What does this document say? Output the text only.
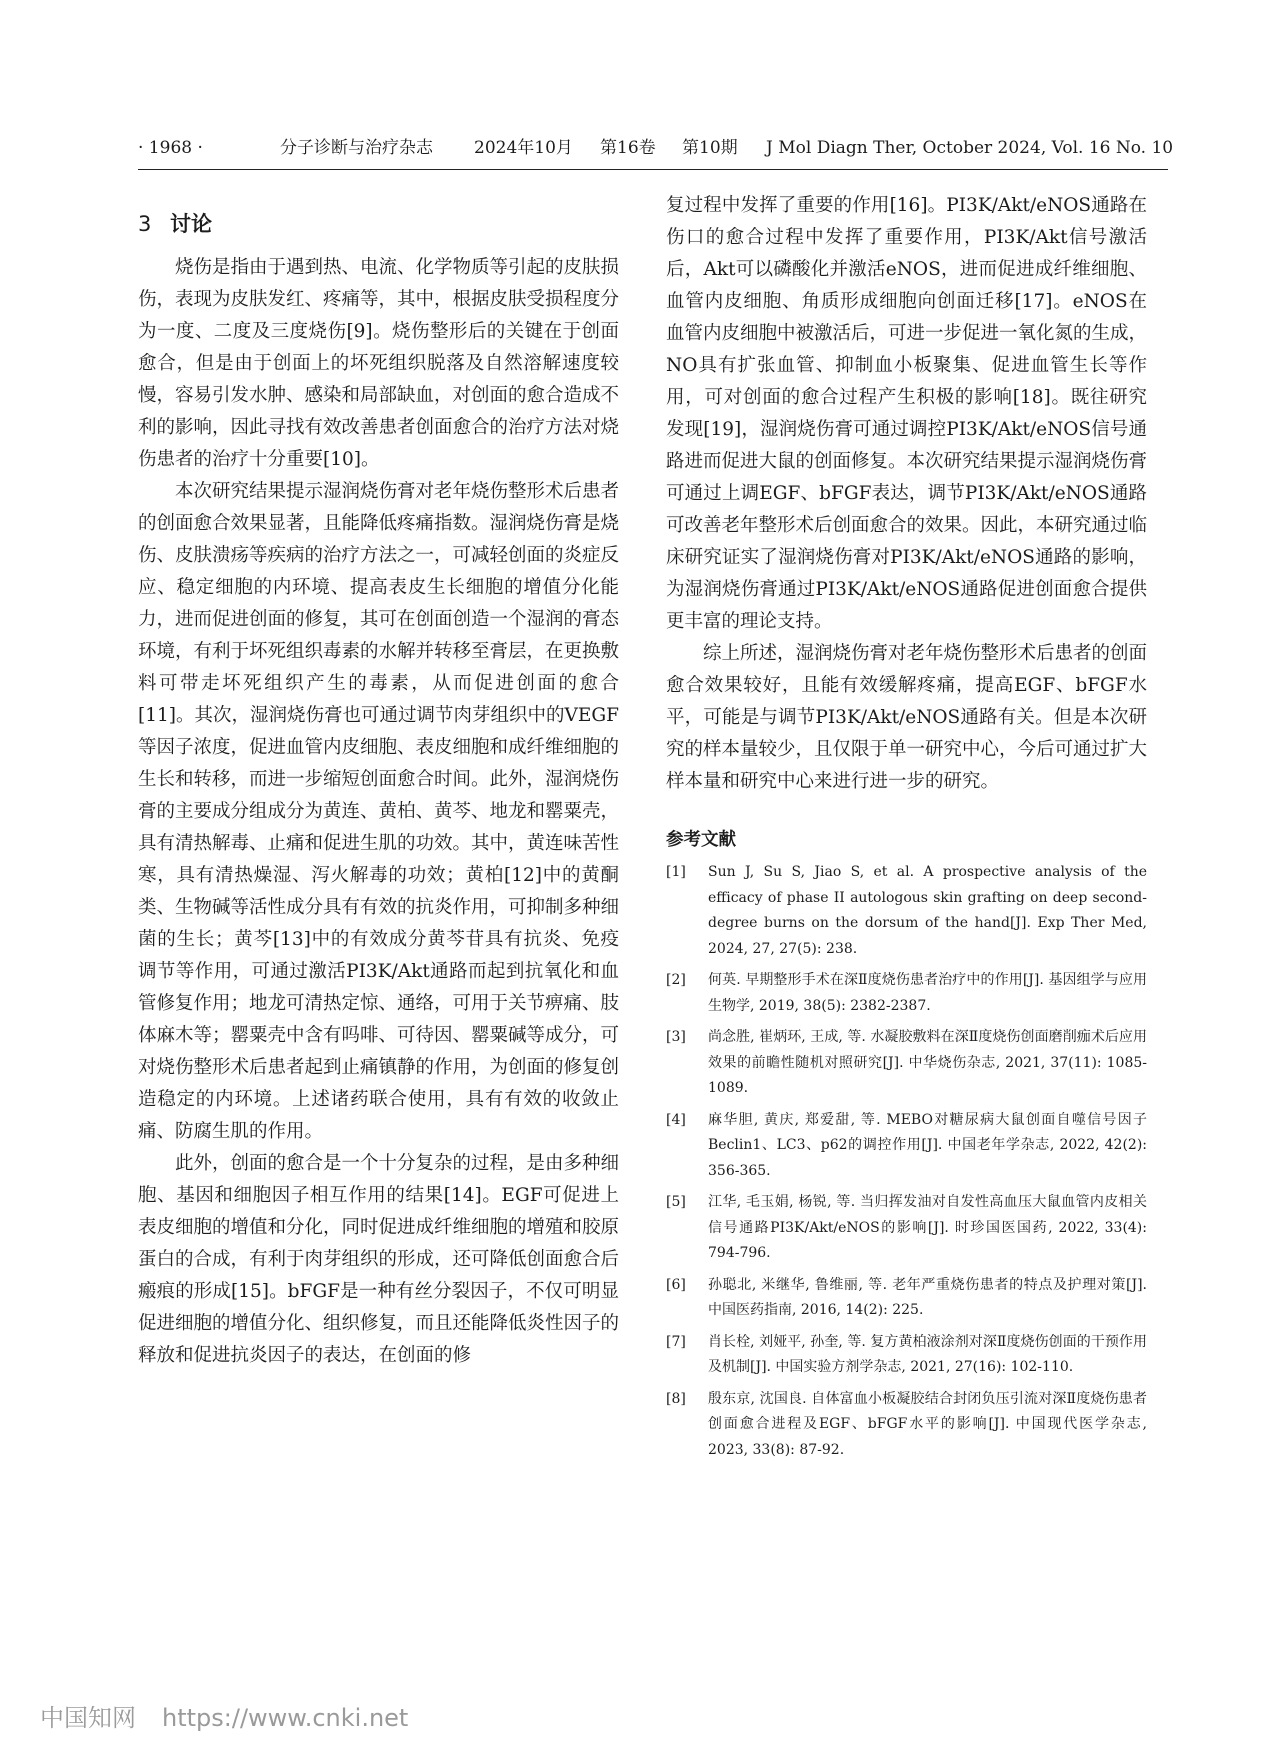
· 1968 ·	分子诊断与治疗杂志 2024年10月 第16卷 第10期 J Mol Diagn Ther, October 2024, Vol. 16 No. 10
3 讨论

烧伤是指由于遇到热、电流、化学物质等引起的皮肤损伤，表现为皮肤发红、疼痛等，其中，根据皮肤受损程度分为一度、二度及三度烧伤[9]。烧伤整形后的关键在于创面愈合，但是由于创面上的坏死组织脱落及自然溶解速度较慢，容易引发水肿、感染和局部缺血，对创面的愈合造成不利的影响，因此寻找有效改善患者创面愈合的治疗方法对烧伤患者的治疗十分重要[10]。

本次研究结果提示湿润烧伤膏对老年烧伤整形术后患者的创面愈合效果显著，且能降低疼痛指数。湿润烧伤膏是烧伤、皮肤溃疡等疾病的治疗方法之一，可减轻创面的炎症反应、稳定细胞的内环境、提高表皮生长细胞的增值分化能力，进而促进创面的修复，其可在创面创造一个湿润的膏态环境，有利于坏死组织毒素的水解并转移至膏层，在更换敷料可带走坏死组织产生的毒素，从而促进创面的愈合[11]。其次，湿润烧伤膏也可通过调节肉芽组织中的VEGF等因子浓度，促进血管内皮细胞、表皮细胞和成纤维细胞的生长和转移，而进一步缩短创面愈合时间。此外，湿润烧伤膏的主要成分组成分为黄连、黄柏、黄芩、地龙和罂粟壳，具有清热解毒、止痛和促进生肌的功效。其中，黄连味苦性寒，具有清热燥湿、泻火解毒的功效；黄柏[12]中的黄酮类、生物碱等活性成分具有有效的抗炎作用，可抑制多种细菌的生长；黄芩[13]中的有效成分黄芩苷具有抗炎、免疫调节等作用，可通过激活PI3K/Akt通路而起到抗氧化和血管修复作用；地龙可清热定惊、通络，可用于关节痹痛、肢体麻木等；罂粟壳中含有吗啡、可待因、罂粟碱等成分，可对烧伤整形术后患者起到止痛镇静的作用，为创面的修复创造稳定的内环境。上述诸药联合使用，具有有效的收敛止痛、防腐生肌的作用。

此外，创面的愈合是一个十分复杂的过程，是由多种细胞、基因和细胞因子相互作用的结果[14]。EGF可促进上表皮细胞的增值和分化，同时促进成纤维细胞的增殖和胶原蛋白的合成，有利于肉芽组织的形成，还可降低创面愈合后瘢痕的形成[15]。bFGF是一种有丝分裂因子，不仅可明显促进细胞的增值分化、组织修复，而且还能降低炎性因子的释放和促进抗炎因子的表达，在创面的修

复过程中发挥了重要的作用[16]。PI3K/Akt/eNOS通路在伤口的愈合过程中发挥了重要作用，PI3K/Akt信号激活后，Akt可以磷酸化并激活eNOS，进而促进成纤维细胞、血管内皮细胞、角质形成细胞向创面迁移[17]。eNOS在血管内皮细胞中被激活后，可进一步促进一氧化氮的生成，NO具有扩张血管、抑制血小板聚集、促进血管生长等作用，可对创面的愈合过程产生积极的影响[18]。既往研究发现[19]，湿润烧伤膏可通过调控PI3K/Akt/eNOS信号通路进而促进大鼠的创面修复。本次研究结果提示湿润烧伤膏可通过上调EGF、bFGF表达，调节PI3K/Akt/eNOS通路可改善老年整形术后创面愈合的效果。因此，本研究通过临床研究证实了湿润烧伤膏对PI3K/Akt/eNOS通路的影响，为湿润烧伤膏通过PI3K/Akt/eNOS通路促进创面愈合提供更丰富的理论支持。

综上所述，湿润烧伤膏对老年烧伤整形术后患者的创面愈合效果较好，且能有效缓解疼痛，提高EGF、bFGF水平，可能是与调节PI3K/Akt/eNOS通路有关。但是本次研究的样本量较少，且仅限于单一研究中心，今后可通过扩大样本量和研究中心来进行进一步的研究。

参考文献
[1]	Sun J, Su S, Jiao S, et al. A prospective analysis of the efficacy of phase II autologous skin grafting on deep second-degree burns on the dorsum of the hand[J]. Exp Ther Med, 2024, 27, 27(5): 238.
[2]	何英. 早期整形手术在深Ⅱ度烧伤患者治疗中的作用[J]. 基因组学与应用生物学, 2019, 38(5): 2382-2387.
[3]	尚念胜, 崔炳环, 王成, 等. 水凝胶敷料在深Ⅱ度烧伤创面磨削痂术后应用效果的前瞻性随机对照研究[J]. 中华烧伤杂志, 2021, 37(11): 1085-1089.
[4]	麻华胆, 黄庆, 郑爱甜, 等. MEBO对糖尿病大鼠创面自噬信号因子Beclin1、LC3、p62的调控作用[J]. 中国老年学杂志, 2022, 42(2): 356-365.
[5]	江华, 毛玉娟, 杨锐, 等. 当归挥发油对自发性高血压大鼠血管内皮相关信号通路PI3K/Akt/eNOS的影响[J]. 时珍国医国药, 2022, 33(4): 794-796.
[6]	孙聪北, 米继华, 鲁维丽, 等. 老年严重烧伤患者的特点及护理对策[J]. 中国医药指南, 2016, 14(2): 225.
[7]	肖长栓, 刘娅平, 孙奎, 等. 复方黄柏液涂剂对深Ⅱ度烧伤创面的干预作用及机制[J]. 中国实验方剂学杂志, 2021, 27(16): 102-110.
[8]	殷东京, 沈国良. 自体富血小板凝胶结合封闭负压引流对深Ⅱ度烧伤患者创面愈合进程及EGF、bFGF水平的影响[J]. 中国现代医学杂志, 2023, 33(8): 87-92.
中国知网 https://www.cnki.net
